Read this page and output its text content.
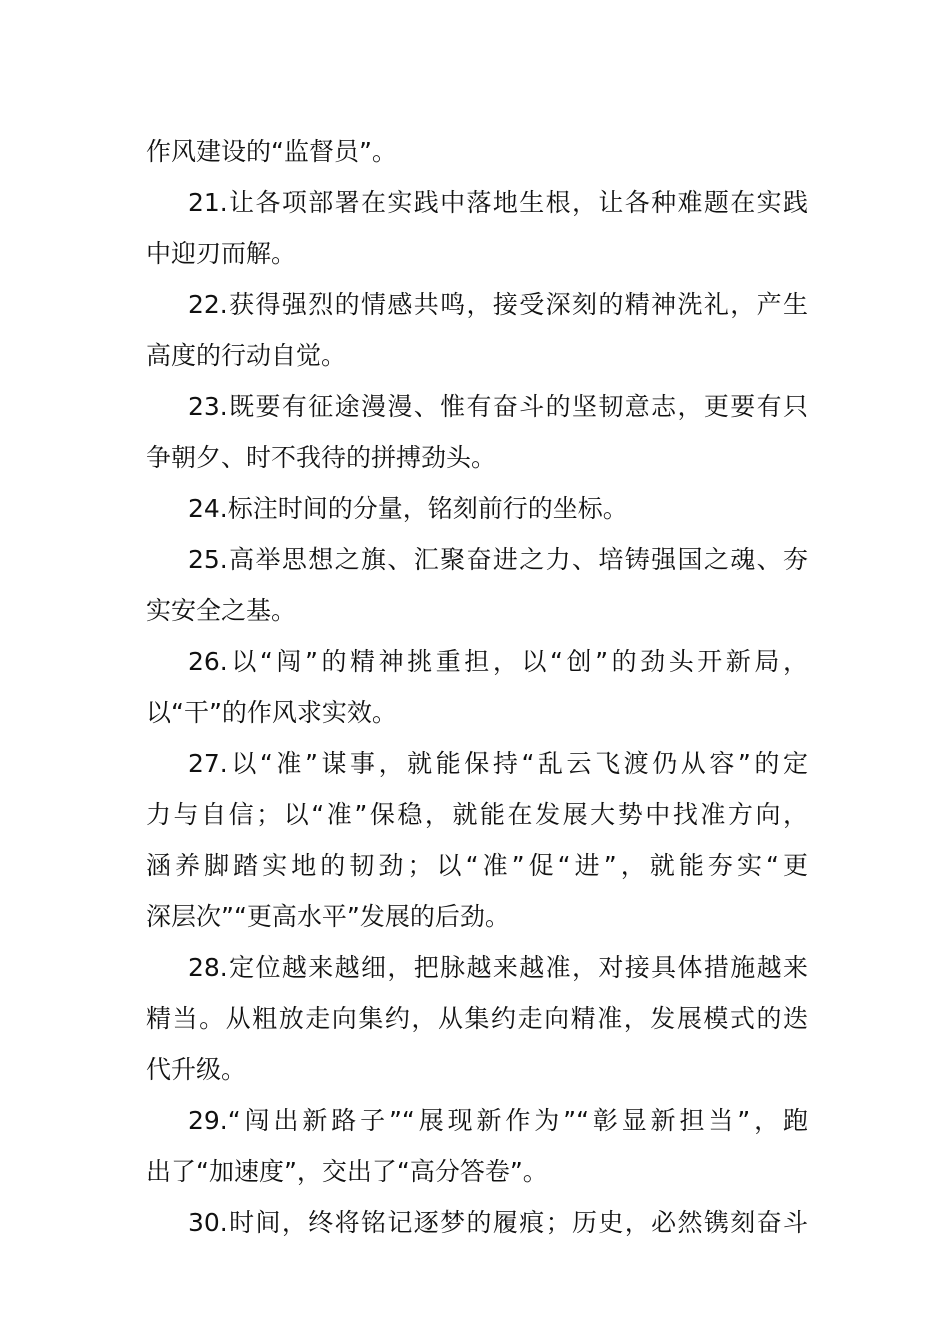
作风建设的“监督员”。
21.让各项部署在实践中落地生根，让各种难题在实践
中迎刃而解。
22.获得强烈的情感共鸣，接受深刻的精神洗礼，产生
高度的行动自觉。
23.既要有征途漫漫、惟有奋斗的坚韧意志，更要有只
争朝夕、时不我待的拼搏劲头。
24.标注时间的分量，铭刻前行的坐标。
25.高举思想之旗、汇聚奋进之力、培铸强国之魂、夯
实安全之基。
26.以“闯”的精神挑重担，以“创”的劲头开新局，
以“干”的作风求实效。
27.以“准”谋事，就能保持“乱云飞渡仍从容”的定
力与自信；以“准”保稳，就能在发展大势中找准方向，
涵养脚踏实地的韧劲；以“准”促“进”，就能夯实“更
深层次”“更高水平”发展的后劲。
28.定位越来越细，把脉越来越准，对接具体措施越来
精当。从粗放走向集约，从集约走向精准，发展模式的迭
代升级。
29.“闯出新路子”“展现新作为”“彰显新担当”，跑
出了“加速度”，交出了“高分答卷”。
30.时间，终将铭记逐梦的履痕；历史，必然镌刻奋斗
